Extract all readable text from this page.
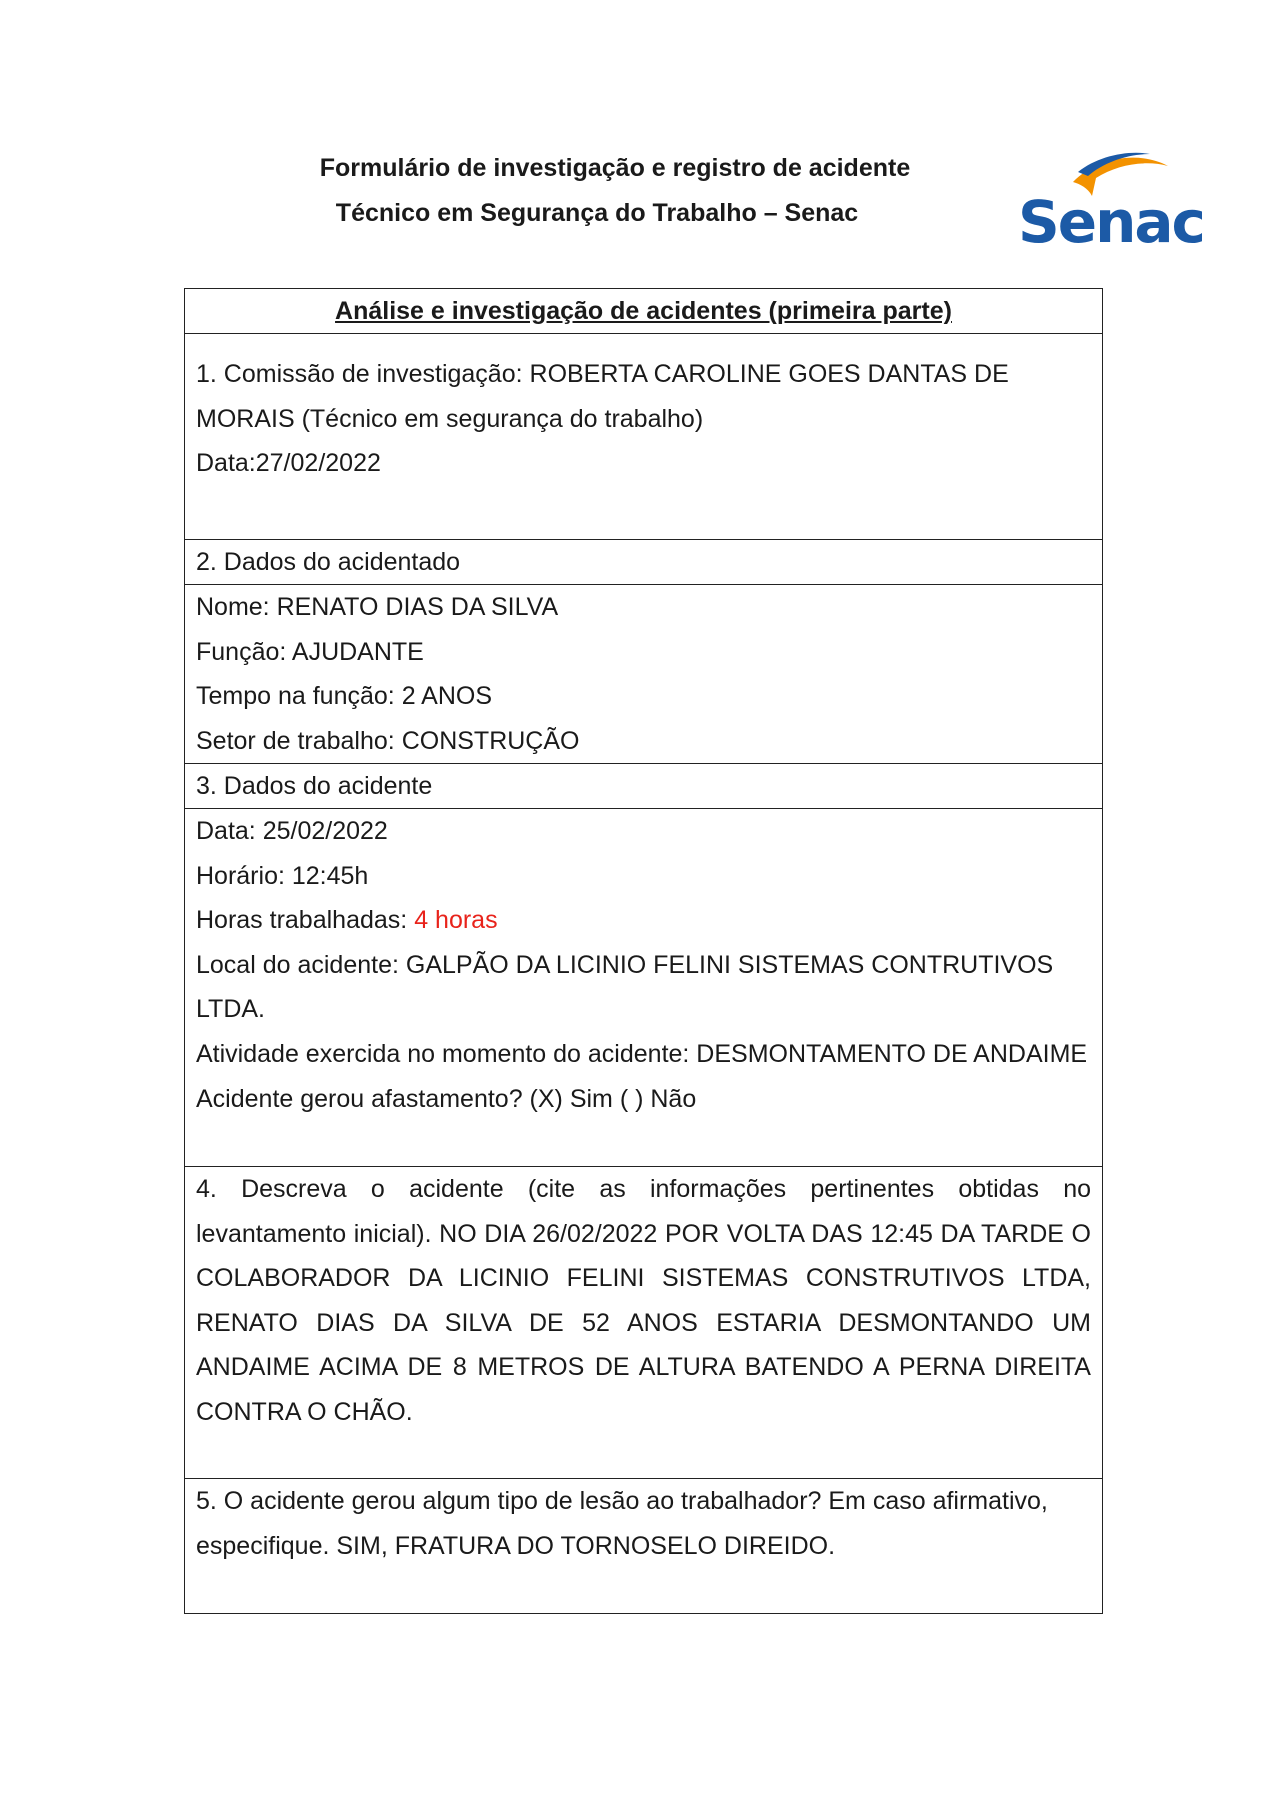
Formulário de investigação e registro de acidente
Técnico em Segurança do Trabalho – Senac	Senac
Análise e investigação de acidentes (primeira parte)

1. Comissão de investigação: ROBERTA CAROLINE GOES DANTAS DE

MORAIS (Técnico em segurança do trabalho)

Data:27/02/2022

2. Dados do acidentado

Nome: RENATO DIAS DA SILVA

Função: AJUDANTE

Tempo na função: 2 ANOS

Setor de trabalho: CONSTRUÇÃO

3. Dados do acidente

Data: 25/02/2022

Horário: 12:45h

Horas trabalhadas: 4 horas

Local do acidente: GALPÃO DA LICINIO FELINI SISTEMAS CONTRUTIVOS LTDA.

Atividade exercida no momento do acidente: DESMONTAMENTO DE ANDAIME

Acidente gerou afastamento? (X) Sim ( ) Não

4. Descreva o acidente (cite as informações pertinentes obtidas no levantamento inicial). NO DIA 26/02/2022 POR VOLTA DAS 12:45 DA TARDE O COLABORADOR DA LICINIO FELINI SISTEMAS CONSTRUTIVOS LTDA, RENATO DIAS DA SILVA DE 52 ANOS ESTARIA DESMONTANDO UM ANDAIME ACIMA DE 8 METROS DE ALTURA BATENDO A PERNA DIREITA CONTRA O CHÃO.
5. O acidente gerou algum tipo de lesão ao trabalhador? Em caso afirmativo, especifique. SIM, FRATURA DO TORNOSELO DIREIDO.
